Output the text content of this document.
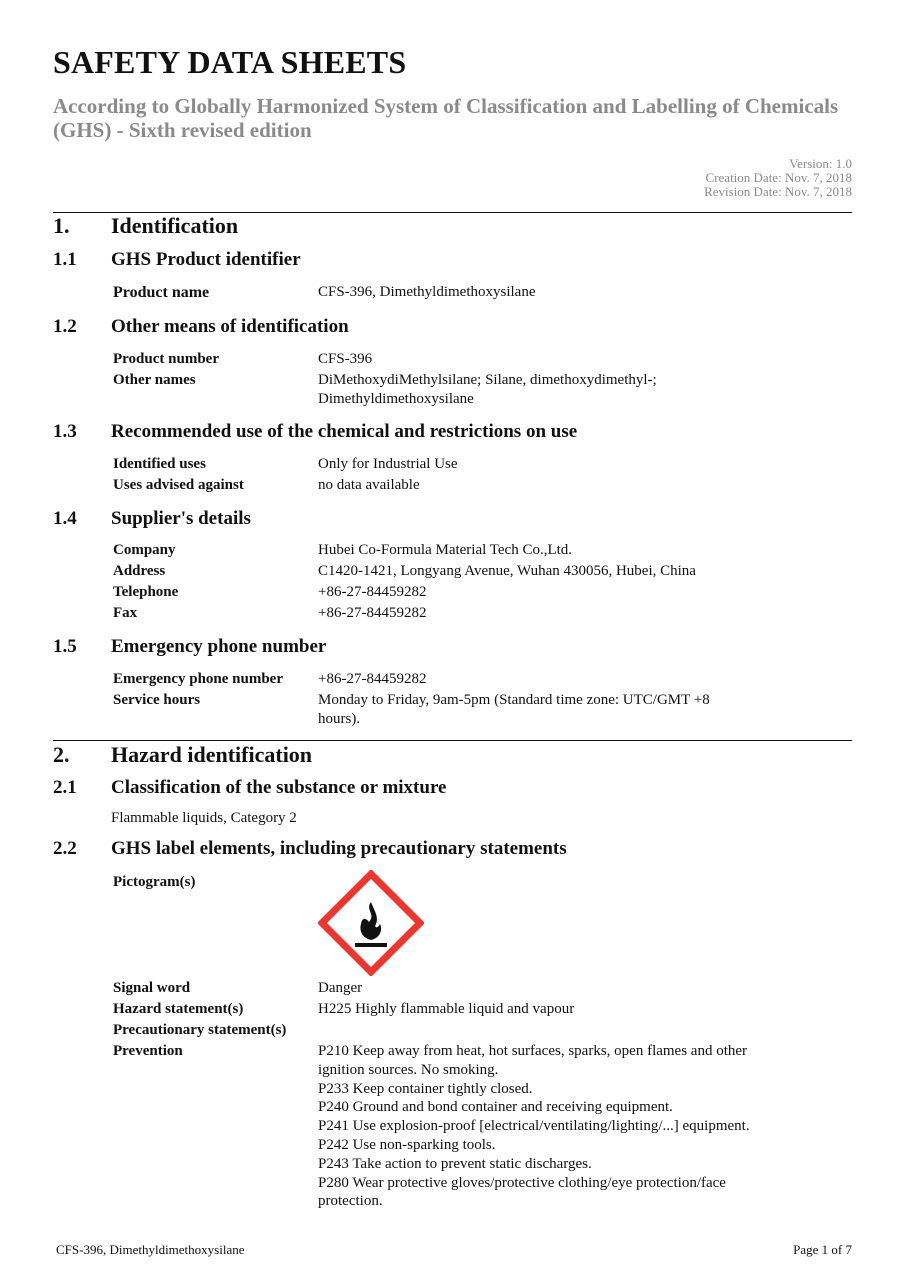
SAFETY DATA SHEETS
According to Globally Harmonized System of Classification and Labelling of Chemicals (GHS) - Sixth revised edition
Version: 1.0
Creation Date: Nov. 7, 2018
Revision Date: Nov. 7, 2018
1. Identification
1.1 GHS Product identifier
Product name	CFS-396, Dimethyldimethoxysilane
1.2 Other means of identification
Product number	CFS-396
Other names	DiMethoxydiMethylsilane; Silane, dimethoxydimethyl-;
Dimethyldimethoxysilane
1.3 Recommended use of the chemical and restrictions on use
Identified uses	Only for Industrial Use
Uses advised against	no data available
1.4 Supplier's details
Company	Hubei Co-Formula Material Tech Co.,Ltd.
Address	C1420-1421, Longyang Avenue, Wuhan 430056, Hubei, China
Telephone	+86-27-84459282
Fax	+86-27-84459282
1.5 Emergency phone number
Emergency phone number	+86-27-84459282
Service hours	Monday to Friday, 9am-5pm (Standard time zone: UTC/GMT +8
hours).
2. Hazard identification
2.1 Classification of the substance or mixture
Flammable liquids, Category 2
2.2 GHS label elements, including precautionary statements
Pictogram(s)
Signal word	Danger
Hazard statement(s)	H225 Highly flammable liquid and vapour
Precautionary statement(s)
Prevention	P210 Keep away from heat, hot surfaces, sparks, open flames and other
ignition sources. No smoking.
P233 Keep container tightly closed.
P240 Ground and bond container and receiving equipment.
P241 Use explosion-proof [electrical/ventilating/lighting/...] equipment.
P242 Use non-sparking tools.
P243 Take action to prevent static discharges.
P280 Wear protective gloves/protective clothing/eye protection/face
protection.
CFS-396, Dimethyldimethoxysilane	Page 1 of 7
